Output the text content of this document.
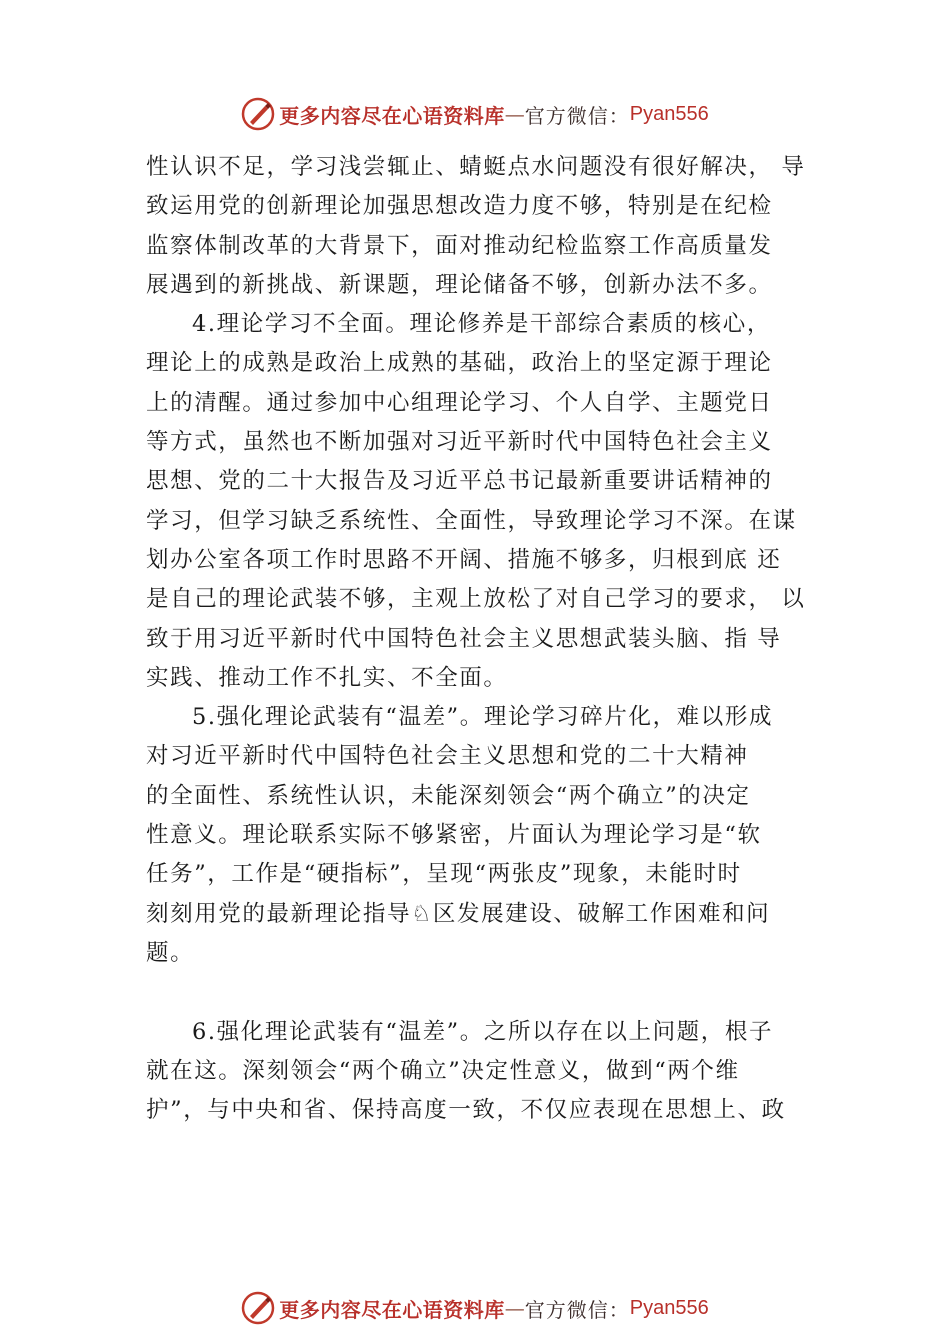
更多内容尽在心语资料库 — 官方微信： Pyan556
性认识不足，学习浅尝辄止、蜻蜓点水问题没有很好解决， 导
致运用党的创新理论加强思想改造力度不够，特别是在纪检
监察体制改革的大背景下，面对推动纪检监察工作高质量发
展遇到的新挑战、新课题，理论储备不够，创新办法不多。
4.理论学习不全面。理论修养是干部综合素质的核心，
理论上的成熟是政治上成熟的基础，政治上的坚定源于理论
上的清醒。通过参加中心组理论学习、个人自学、主题党日
等方式，虽然也不断加强对习近平新时代中国特色社会主义
思想、党的二十大报告及习近平总书记最新重要讲话精神的
学习，但学习缺乏系统性、全面性，导致理论学习不深。在谋
划办公室各项工作时思路不开阔、措施不够多，归根到底 还
是自己的理论武装不够，主观上放松了对自己学习的要求， 以
致于用习近平新时代中国特色社会主义思想武装头脑、指 导
实践、推动工作不扎实、不全面。
5.强化理论武装有“温差”。理论学习碎片化，难以形成
对习近平新时代中国特色社会主义思想和党的二十大精神
的全面性、系统性认识，未能深刻领会“两个确立”的决定
性意义。理论联系实际不够紧密，片面认为理论学习是“软
任务”，工作是“硬指标”，呈现“两张皮”现象，未能时时
刻刻用党的最新理论指导♘区发展建设、破解工作困难和问
题。
6.强化理论武装有“温差”。之所以存在以上问题，根子
就在这。深刻领会“两个确立”决定性意义，做到“两个维
护”，与中央和省、保持高度一致，不仅应表现在思想上、政
更多内容尽在心语资料库 — 官方微信： Pyan556
